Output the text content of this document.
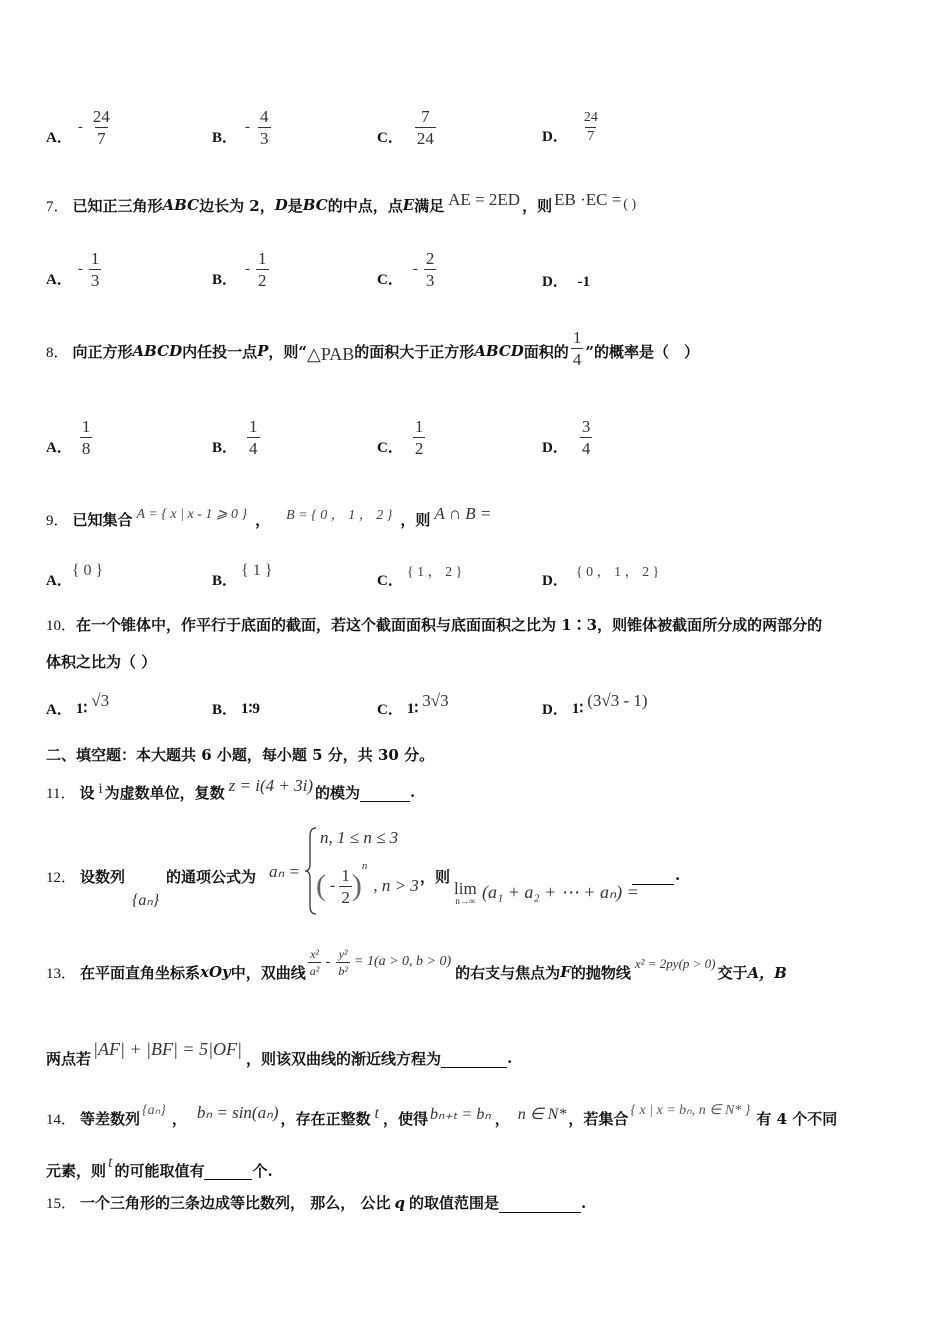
A．
- $\frac{24}{7}$	B．
- $\frac{4}{3}$	C． $\frac{7}{24}$	D． $\frac{24}{7}$
7． 已知正三角形 ABC 边长为 2， D 是 BC 的中点，点 E 满足 AE = 2ED ，则 EB ·EC = ( )
A．
- $\frac{1}{3}$	B．
- $\frac{1}{2}$	C．
- $\frac{2}{3}$	D． -1
8． 向正方形 ABCD 内任投一点 P ，则“ △PAB 的面积大于正方形 ABCD 面积的 $\frac{1}{4}$ ”的概率是（　）
A． $\frac{1}{8}$	B． $\frac{1}{4}$	C． $\frac{1}{2}$	D． $\frac{3}{4}$
9． 已知集合 A = { x | x - 1 ⩾ 0 } ， B = { 0 ， 1 ， 2 } ，则 A ∩ B =
A．
{ 0 }
B．
{ 1 }
C． { 1 ， 2 }	D． { 0 ， 1 ， 2 }
10．在一个锥体中，作平行于底面的截面，若这个截面面积与底面面积之比为 1∶3，则锥体被截面所分成的两部分的
体积之比为（ ）
A． 1∶ √3	B． 1∶9	C． 1∶ 3√3	D． 1∶ (3√3 - 1)
二、填空题：本大题共 6 小题，每小题 5 分，共 30 分。
11． 设 i 为虚数单位，复数 z = i(4 + 3i) 的模为
	.
12． 设数列
{aₙ}
的通项公式为 aₙ =
n, 1 ≤ n ≤ 3
( - $\frac{1}{2}$ )
n
, n > 3 ，则
lim
n→∞ (a₁ + a₂ + ⋯ + aₙ) =
.
13． 在平面直角坐标系 xOy 中，双曲线 $\frac{\text{x²}}{\text{a²}} - \frac{\text{y²}}{\text{b²}} = 1(a > 0$, b > 0)
的右支与焦点为 F 的抛物线 x² = 2py(p > 0) 交于 A，B
两点若 |AF| + |BF| = 5|OF| ，则该双曲线的渐近线方程为
	.
14． 等差数列 {aₙ} ， bₙ = sin(aₙ) ，存在正整数 t ，使得 bₙ₊ₜ = bₙ ， n ∈ N* ，若集合 { x | x = bₙ, n ∈ N* } 有 4 个不同
元素，则 t 的可能取值有
	个.
15． 一个三角形的三条边成等比数列， 那么， 公比 q 的取值范围是
	.
